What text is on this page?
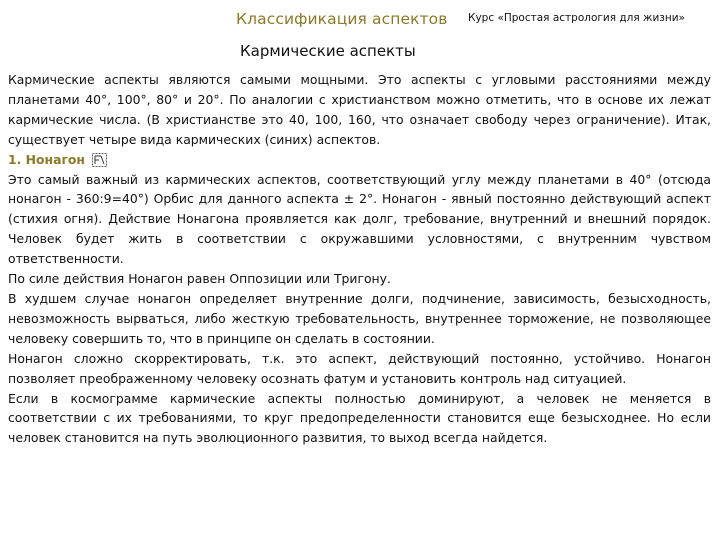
Классификация аспектов Курс «Простая астрология для жизни»
Кармические аспекты

Кармические аспекты являются самыми мощными. Это аспекты с угловыми расстояниями между планетами 40°, 100°, 80° и 20°. По аналогии с христианством можно отметить, что в основе их лежат кармические числа. (В христианстве это 40, 100, 160, что означает свободу через ограничение). Итак, существует четыре вида кармических (синих) аспектов.

1. Нонагон

Это самый важный из кармических аспектов, соответствующий углу между планетами в 40° (отсюда нонагон - 360:9=40°) Орбис для данного аспекта ± 2°. Нонагон - явный постоянно действующий аспект (стихия огня). Действие Нонагона проявляется как долг, требование, внутренний и внешний порядок. Человек будет жить в соответствии с окружавшими условностями, с внутренним чувством ответственности.

По силе действия Нонагон равен Оппозиции или Тригону.

В худшем случае нонагон определяет внутренние долги, подчинение, зависимость, безысходность, невозможность вырваться, либо жесткую требовательность, внутреннее торможение, не позволяющее человеку совершить то, что в принципе он сделать в состоянии.

Нонагон сложно скорректировать, т.к. это аспект, действующий постоянно, устойчиво. Нонагон позволяет преображенному человеку осознать фатум и установить контроль над ситуацией.

Если в космограмме кармические аспекты полностью доминируют, а человек не меняется в соответствии с их требованиями, то круг предопределенности становится еще безысходнее. Но если человек становится на путь эволюционного развития, то выход всегда найдется.
